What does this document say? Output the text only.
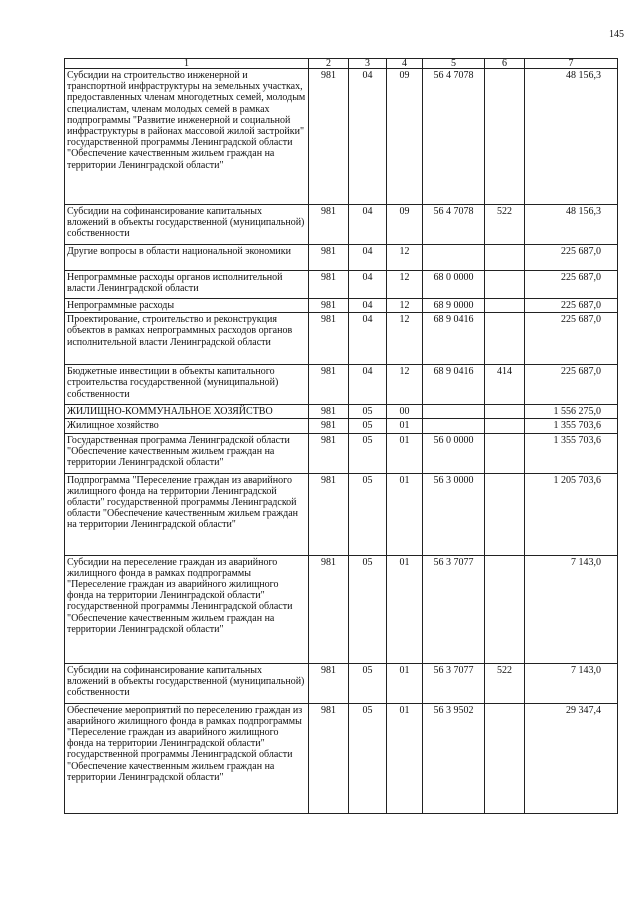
145
1	2	3	4	5	6	7
Субсидии на строительство инженерной и транспортной инфраструктуры на земельных участках, предоставленных членам многодетных семей, молодым специалистам, членам молодых семей в рамках подпрограммы "Развитие инженерной и социальной инфраструктуры в районах массовой жилой застройки" государственной программы Ленинградской области "Обеспечение качественным жильем граждан на территории Ленинградской области"	981	04	09	56 4 7078		48 156,3
Субсидии на софинансирование капитальных вложений в объекты государственной (муниципальной) собственности	981	04	09	56 4 7078	522	48 156,3
Другие вопросы в области национальной экономики	981	04	12			225 687,0
Непрограммные расходы органов исполнительной власти Ленинградской области	981	04	12	68 0 0000		225 687,0
Непрограммные расходы	981	04	12	68 9 0000		225 687,0
Проектирование, строительство и реконструкция объектов в рамках непрограммных расходов органов исполнительной власти Ленинградской области	981	04	12	68 9 0416		225 687,0
Бюджетные инвестиции в объекты капитального строительства государственной (муниципальной) собственности	981	04	12	68 9 0416	414	225 687,0
ЖИЛИЩНО-КОММУНАЛЬНОЕ ХОЗЯЙСТВО	981	05	00			1 556 275,0
Жилищное хозяйство	981	05	01			1 355 703,6
Государственная программа Ленинградской области "Обеспечение качественным жильем граждан на территории Ленинградской области"	981	05	01	56 0 0000		1 355 703,6
Подпрограмма "Переселение граждан из аварийного жилищного фонда на территории Ленинградской области" государственной программы Ленинградской области "Обеспечение качественным жильем граждан на территории Ленинградской области"	981	05	01	56 3 0000		1 205 703,6
Субсидии на переселение граждан из аварийного жилищного фонда в рамках подпрограммы "Переселение граждан из аварийного жилищного фонда на территории Ленинградской области" государственной программы Ленинградской области "Обеспечение качественным жильем граждан на территории Ленинградской области"	981	05	01	56 3 7077		7 143,0
Субсидии на софинансирование капитальных вложений в объекты государственной (муниципальной) собственности	981	05	01	56 3 7077	522	7 143,0
Обеспечение мероприятий по переселению граждан из аварийного жилищного фонда в рамках подпрограммы "Переселение граждан из аварийного жилищного фонда на территории Ленинградской области" государственной программы Ленинградской области "Обеспечение качественным жильем граждан на территории Ленинградской области"	981	05	01	56 3 9502		29 347,4
